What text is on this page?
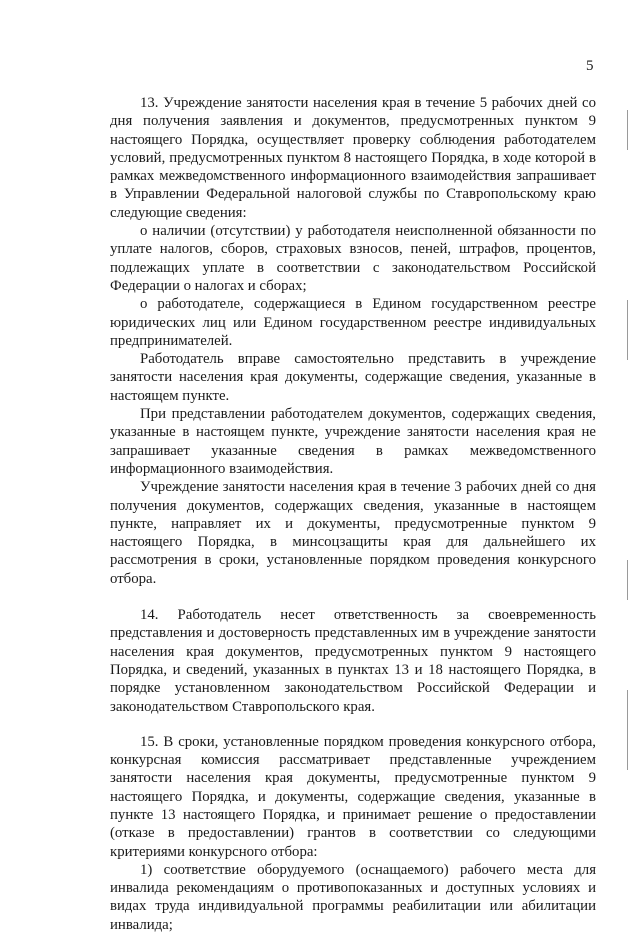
5

13. Учреждение занятости населения края в течение 5 рабочих дней со дня получения заявления и документов, предусмотренных пунктом 9 настоящего Порядка, осуществляет проверку соблюдения работодателем условий, предусмотренных пунктом 8 настоящего Порядка, в ходе которой в рамках межведомственного информационного взаимодействия запрашивает в Управлении Федеральной налоговой службы по Ставропольскому краю следующие сведения:

о наличии (отсутствии) у работодателя неисполненной обязанности по уплате налогов, сборов, страховых взносов, пеней, штрафов, процентов, подлежащих уплате в соответствии с законодательством Российской Федерации о налогах и сборах;

о работодателе, содержащиеся в Едином государственном реестре юридических лиц или Едином государственном реестре индивидуальных предпринимателей.

Работодатель вправе самостоятельно представить в учреждение занятости населения края документы, содержащие сведения, указанные в настоящем пункте.

При представлении работодателем документов, содержащих сведения, указанные в настоящем пункте, учреждение занятости населения края не запрашивает указанные сведения в рамках межведомственного информационного взаимодействия.

Учреждение занятости населения края в течение 3 рабочих дней со дня получения документов, содержащих сведения, указанные в настоящем пункте, направляет их и документы, предусмотренные пунктом 9 настоящего Порядка, в минсоцзащиты края для дальнейшего их рассмотрения в сроки, установленные порядком проведения конкурсного отбора.

14. Работодатель несет ответственность за своевременность представления и достоверность представленных им в учреждение занятости населения края документов, предусмотренных пунктом 9 настоящего Порядка, и сведений, указанных в пунктах 13 и 18 настоящего Порядка, в порядке установленном законодательством Российской Федерации и законодательством Ставропольского края.

15. В сроки, установленные порядком проведения конкурсного отбора, конкурсная комиссия рассматривает представленные учреждением занятости населения края документы, предусмотренные пунктом 9 настоящего Порядка, и документы, содержащие сведения, указанные в пункте 13 настоящего Порядка, и принимает решение о предоставлении (отказе в предоставлении) грантов в соответствии со следующими критериями конкурсного отбора:

1) соответствие оборудуемого (оснащаемого) рабочего места для инвалида рекомендациям о противопоказанных и доступных условиях и видах труда индивидуальной программы реабилитации или абилитации инвалида;
